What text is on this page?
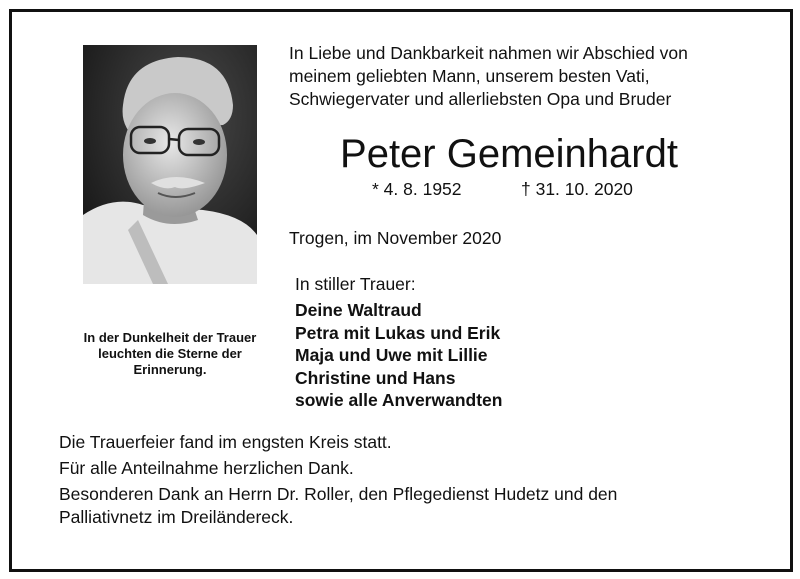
In der Dunkelheit der Trauer
leuchten die Sterne der
Erinnerung.
In Liebe und Dankbarkeit nahmen wir Abschied von
meinem geliebten Mann, unserem besten Vati,
Schwiegervater und allerliebsten Opa und Bruder
Peter Gemeinhardt
* 4. 8. 1952	† 31. 10. 2020
Trogen, im November 2020
In stiller Trauer:
Deine Waltraud
Petra mit Lukas und Erik
Maja und Uwe mit Lillie
Christine und Hans
sowie alle Anverwandten
Die Trauerfeier fand im engsten Kreis statt.
Für alle Anteilnahme herzlichen Dank.
Besonderen Dank an Herrn Dr. Roller, den Pflegedienst Hudetz und den
Palliativnetz im Dreiländereck.
